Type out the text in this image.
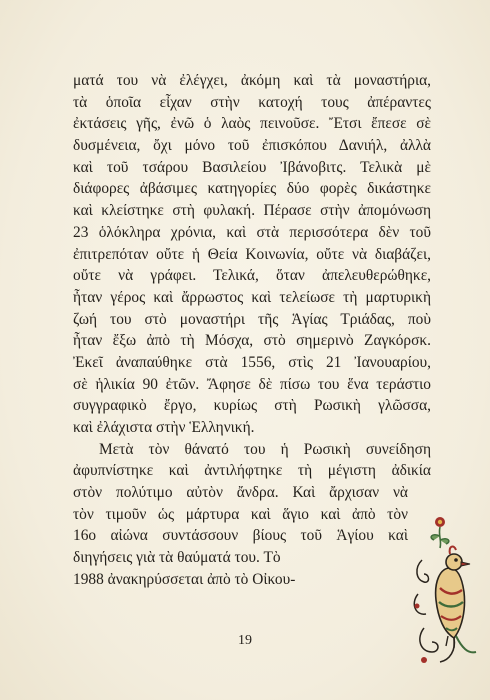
ματά του νὰ ἐλέγχει, ἀκόμη καὶ τὰ μοναστήρια,
τὰ ὁποῖα εἶχαν στὴν κατοχή τους ἀπέραντες
ἐκτάσεις γῆς, ἐνῶ ὁ λαὸς πεινοῦσε. Ἔτσι ἔπεσε σὲ
δυσμένεια, ὄχι μόνο τοῦ ἐπισκόπου Δανιήλ, ἀλλὰ
καὶ τοῦ τσάρου Βασιλείου Ἰβάνοβιτς. Τελικὰ μὲ
διάφορες ἀβάσιμες κατηγορίες δύο φορὲς δικάστηκε
καὶ κλείστηκε στὴ φυλακή. Πέρασε στὴν ἀπομόνωση
23 ὁλόκληρα χρόνια, καὶ στὰ περισσότερα δὲν τοῦ
ἐπιτρεπόταν οὔτε ἡ Θεία Κοινωνία, οὔτε νὰ διαβάζει,
οὔτε νὰ γράφει. Τελικά, ὅταν ἀπελευθερώθηκε,
ἦταν γέρος καὶ ἄρρωστος καὶ τελείωσε τὴ μαρτυρικὴ
ζωή του στὸ μοναστήρι τῆς Ἁγίας Τριάδας, ποὺ
ἦταν ἔξω ἀπὸ τὴ Μόσχα, στὸ σημερινὸ Ζαγκόρσκ.
Ἐκεῖ ἀναπαύθηκε στὰ 1556, στὶς 21 Ἰανουαρίου,
σὲ ἡλικία 90 ἐτῶν. Ἄφησε δὲ πίσω του ἕνα τεράστιο
συγγραφικὸ ἔργο, κυρίως στὴ Ρωσικὴ γλῶσσα,
καὶ ἐλάχιστα στὴν Ἑλληνική.
Μετὰ τὸν θάνατό του ἡ Ρωσικὴ συνείδηση
ἀφυπνίστηκε καὶ ἀντιλήφτηκε τὴ μέγιστη ἀδικία
στὸν πολύτιμο αὐτὸν ἄνδρα. Καὶ ἄρχισαν νὰ
τὸν τιμοῦν ὡς μάρτυρα καὶ ἅγιο καὶ ἀπὸ τὸν
16ο αἰώνα συντάσσουν βίους τοῦ Ἁγίου καὶ
διηγήσεις γιὰ τὰ θαύματά του. Τὸ
1988 ἀνακηρύσσεται ἀπὸ τὸ Οἰκου-
19
